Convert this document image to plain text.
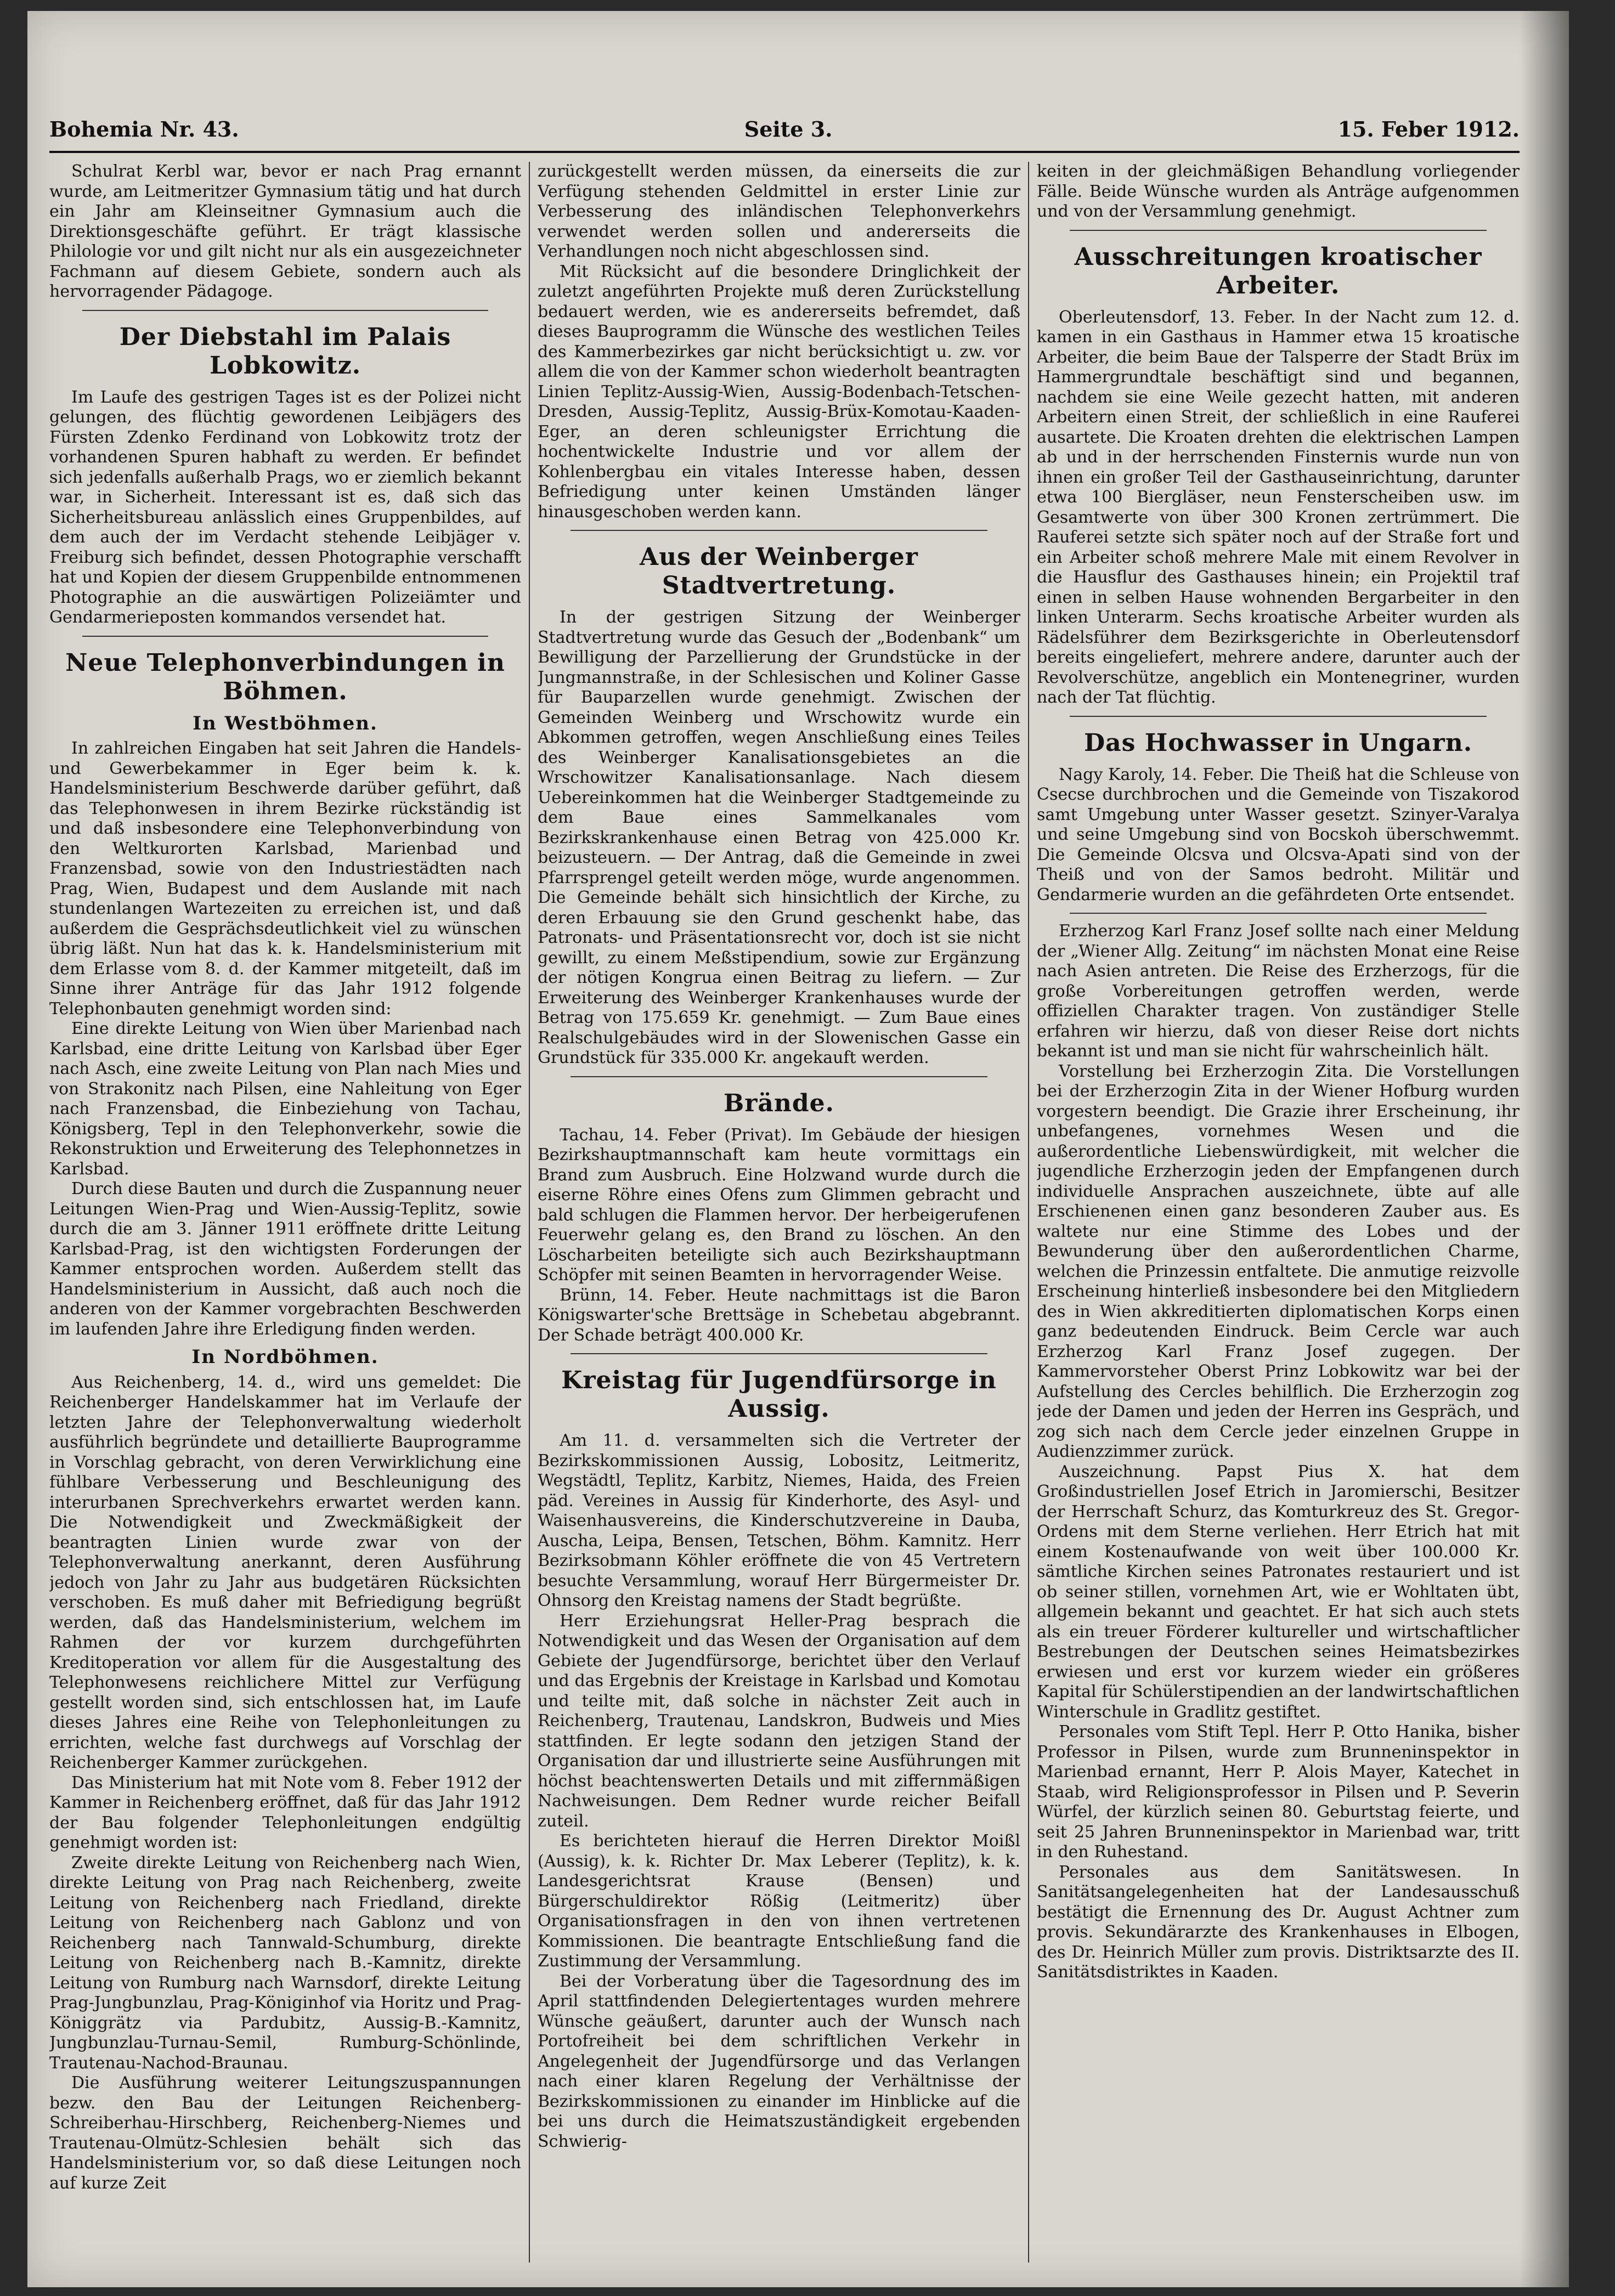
Bohemia Nr. 43.	Seite 3.	15. Feber 1912.

Schulrat Kerbl war, bevor er nach Prag ernannt wurde, am Leitmeritzer Gymnasium tätig und hat durch ein Jahr am Kleinseitner Gymnasium auch die Direktionsgeschäfte geführt. Er trägt klassische Philologie vor und gilt nicht nur als ein ausgezeichneter Fachmann auf diesem Gebiete, sondern auch als hervorragender Pädagoge.

Der Diebstahl im Palais Lobkowitz.

Im Laufe des gestrigen Tages ist es der Polizei nicht gelungen, des flüchtig gewordenen Leibjägers des Fürsten Zdenko Ferdinand von Lobkowitz trotz der vorhandenen Spuren habhaft zu werden. Er befindet sich jedenfalls außerhalb Prags, wo er ziemlich bekannt war, in Sicherheit. Interessant ist es, daß sich das Sicherheitsbureau anlässlich eines Gruppenbildes, auf dem auch der im Verdacht stehende Leibjäger v. Freiburg sich befindet, dessen Photographie verschafft hat und Kopien der diesem Gruppenbilde entnommenen Photographie an die auswärtigen Polizeiämter und Gendarmerieposten kommandos versendet hat.

Neue Telephonverbindungen in Böhmen.
In Westböhmen.

In zahlreichen Eingaben hat seit Jahren die Handels- und Gewerbekammer in Eger beim k. k. Handelsministerium Beschwerde darüber geführt, daß das Telephonwesen in ihrem Bezirke rückständig ist und daß insbesondere eine Telephonverbindung von den Weltkurorten Karlsbad, Marienbad und Franzensbad, sowie von den Industriestädten nach Prag, Wien, Budapest und dem Auslande mit nach stundenlangen Wartezeiten zu erreichen ist, und daß außerdem die Gesprächsdeutlichkeit viel zu wünschen übrig läßt. Nun hat das k. k. Handelsministerium mit dem Erlasse vom 8. d. der Kammer mitgeteilt, daß im Sinne ihrer Anträge für das Jahr 1912 folgende Telephonbauten genehmigt worden sind:

Eine direkte Leitung von Wien über Marienbad nach Karlsbad, eine dritte Leitung von Karlsbad über Eger nach Asch, eine zweite Leitung von Plan nach Mies und von Strakonitz nach Pilsen, eine Nahleitung von Eger nach Franzensbad, die Einbeziehung von Tachau, Königsberg, Tepl in den Telephonverkehr, sowie die Rekonstruktion und Erweiterung des Telephonnetzes in Karlsbad.

Durch diese Bauten und durch die Zuspannung neuer Leitungen Wien-Prag und Wien-Aussig-Teplitz, sowie durch die am 3. Jänner 1911 eröffnete dritte Leitung Karlsbad-Prag, ist den wichtigsten Forderungen der Kammer entsprochen worden. Außerdem stellt das Handelsministerium in Aussicht, daß auch noch die anderen von der Kammer vorgebrachten Beschwerden im laufenden Jahre ihre Erledigung finden werden.

In Nordböhmen.

Aus Reichenberg, 14. d., wird uns gemeldet: Die Reichenberger Handelskammer hat im Verlaufe der letzten Jahre der Telephonverwaltung wiederholt ausführlich begründete und detaillierte Bauprogramme in Vorschlag gebracht, von deren Verwirklichung eine fühlbare Verbesserung und Beschleunigung des interurbanen Sprechverkehrs erwartet werden kann. Die Notwendigkeit und Zweckmäßigkeit der beantragten Linien wurde zwar von der Telephonverwaltung anerkannt, deren Ausführung jedoch von Jahr zu Jahr aus budgetären Rücksichten verschoben. Es muß daher mit Befriedigung begrüßt werden, daß das Handelsministerium, welchem im Rahmen der vor kurzem durchgeführten Kreditoperation vor allem für die Ausgestaltung des Telephonwesens reichlichere Mittel zur Verfügung gestellt worden sind, sich entschlossen hat, im Laufe dieses Jahres eine Reihe von Telephonleitungen zu errichten, welche fast durchwegs auf Vorschlag der Reichenberger Kammer zurückgehen.

Das Ministerium hat mit Note vom 8. Feber 1912 der Kammer in Reichenberg eröffnet, daß für das Jahr 1912 der Bau folgender Telephonleitungen endgültig genehmigt worden ist:

Zweite direkte Leitung von Reichenberg nach Wien, direkte Leitung von Prag nach Reichenberg, zweite Leitung von Reichenberg nach Friedland, direkte Leitung von Reichenberg nach Gablonz und von Reichenberg nach Tannwald-Schumburg, direkte Leitung von Reichenberg nach B.-Kamnitz, direkte Leitung von Rumburg nach Warnsdorf, direkte Leitung Prag-Jungbunzlau, Prag-Königinhof via Horitz und Prag-Königgrätz via Pardubitz, Aussig-B.-Kamnitz, Jungbunzlau-Turnau-Semil, Rumburg-Schönlinde, Trautenau-Nachod-Braunau.

Die Ausführung weiterer Leitungszuspannungen bezw. den Bau der Leitungen Reichenberg-Schreiberhau-Hirschberg, Reichenberg-Niemes und Trautenau-Olmütz-Schlesien behält sich das Handelsministerium vor, so daß diese Leitungen noch auf kurze Zeit

zurückgestellt werden müssen, da einerseits die zur Verfügung stehenden Geldmittel in erster Linie zur Verbesserung des inländischen Telephonverkehrs verwendet werden sollen und andererseits die Verhandlungen noch nicht abgeschlossen sind.

Mit Rücksicht auf die besondere Dringlichkeit der zuletzt angeführten Projekte muß deren Zurückstellung bedauert werden, wie es andererseits befremdet, daß dieses Bauprogramm die Wünsche des westlichen Teiles des Kammerbezirkes gar nicht berücksichtigt u. zw. vor allem die von der Kammer schon wiederholt beantragten Linien Teplitz-Aussig-Wien, Aussig-Bodenbach-Tetschen-Dresden, Aussig-Teplitz, Aussig-Brüx-Komotau-Kaaden-Eger, an deren schleunigster Errichtung die hochentwickelte Industrie und vor allem der Kohlenbergbau ein vitales Interesse haben, dessen Befriedigung unter keinen Umständen länger hinausgeschoben werden kann.

Aus der Weinberger Stadtvertretung.

In der gestrigen Sitzung der Weinberger Stadtvertretung wurde das Gesuch der „Bodenbank“ um Bewilligung der Parzellierung der Grundstücke in der Jungmannstraße, in der Schlesischen und Koliner Gasse für Bauparzellen wurde genehmigt. Zwischen der Gemeinden Weinberg und Wrschowitz wurde ein Abkommen getroffen, wegen Anschließung eines Teiles des Weinberger Kanalisationsgebietes an die Wrschowitzer Kanalisationsanlage. Nach diesem Uebereinkommen hat die Weinberger Stadtgemeinde zu dem Baue eines Sammelkanales vom Bezirkskrankenhause einen Betrag von 425.000 Kr. beizusteuern. — Der Antrag, daß die Gemeinde in zwei Pfarrsprengel geteilt werden möge, wurde angenommen. Die Gemeinde behält sich hinsichtlich der Kirche, zu deren Erbauung sie den Grund geschenkt habe, das Patronats- und Präsentationsrecht vor, doch ist sie nicht gewillt, zu einem Meßstipendium, sowie zur Ergänzung der nötigen Kongrua einen Beitrag zu liefern. — Zur Erweiterung des Weinberger Krankenhauses wurde der Betrag von 175.659 Kr. genehmigt. — Zum Baue eines Realschulgebäudes wird in der Slowenischen Gasse ein Grundstück für 335.000 Kr. angekauft werden.

Brände.

Tachau, 14. Feber (Privat). Im Gebäude der hiesigen Bezirkshauptmannschaft kam heute vormittags ein Brand zum Ausbruch. Eine Holzwand wurde durch die eiserne Röhre eines Ofens zum Glimmen gebracht und bald schlugen die Flammen hervor. Der herbeigerufenen Feuerwehr gelang es, den Brand zu löschen. An den Löscharbeiten beteiligte sich auch Bezirkshauptmann Schöpfer mit seinen Beamten in hervorragender Weise.

Brünn, 14. Feber. Heute nachmittags ist die Baron Königswarter'sche Brettsäge in Schebetau abgebrannt. Der Schade beträgt 400.000 Kr.

Kreistag für Jugendfürsorge in Aussig.

Am 11. d. versammelten sich die Vertreter der Bezirkskommissionen Aussig, Lobositz, Leitmeritz, Wegstädtl, Teplitz, Karbitz, Niemes, Haida, des Freien päd. Vereines in Aussig für Kinderhorte, des Asyl- und Waisenhausvereins, die Kinderschutzvereine in Dauba, Auscha, Leipa, Bensen, Tetschen, Böhm. Kamnitz. Herr Bezirksobmann Köhler eröffnete die von 45 Vertretern besuchte Versammlung, worauf Herr Bürgermeister Dr. Ohnsorg den Kreistag namens der Stadt begrüßte.

Herr Erziehungsrat Heller-Prag besprach die Notwendigkeit und das Wesen der Organisation auf dem Gebiete der Jugendfürsorge, berichtet über den Verlauf und das Ergebnis der Kreistage in Karlsbad und Komotau und teilte mit, daß solche in nächster Zeit auch in Reichenberg, Trautenau, Landskron, Budweis und Mies stattfinden. Er legte sodann den jetzigen Stand der Organisation dar und illustrierte seine Ausführungen mit höchst beachtenswerten Details und mit ziffernmäßigen Nachweisungen. Dem Redner wurde reicher Beifall zuteil.

Es berichteten hierauf die Herren Direktor Moißl (Aussig), k. k. Richter Dr. Max Leberer (Teplitz), k. k. Landesgerichtsrat Krause (Bensen) und Bürgerschuldirektor Rößig (Leitmeritz) über Organisationsfragen in den von ihnen vertretenen Kommissionen. Die beantragte Entschließung fand die Zustimmung der Versammlung.

Bei der Vorberatung über die Tagesordnung des im April stattfindenden Delegiertentages wurden mehrere Wünsche geäußert, darunter auch der Wunsch nach Portofreiheit bei dem schriftlichen Verkehr in Angelegenheit der Jugendfürsorge und das Verlangen nach einer klaren Regelung der Verhältnisse der Bezirkskommissionen zu einander im Hinblicke auf die bei uns durch die Heimatszuständigkeit ergebenden Schwierig-

keiten in der gleichmäßigen Behandlung vorliegender Fälle. Beide Wünsche wurden als Anträge aufgenommen und von der Versammlung genehmigt.

Ausschreitungen kroatischer Arbeiter.

Oberleutensdorf, 13. Feber. In der Nacht zum 12. d. kamen in ein Gasthaus in Hammer etwa 15 kroatische Arbeiter, die beim Baue der Talsperre der Stadt Brüx im Hammergrundtale beschäftigt sind und begannen, nachdem sie eine Weile gezecht hatten, mit anderen Arbeitern einen Streit, der schließlich in eine Rauferei ausartete. Die Kroaten drehten die elektrischen Lampen ab und in der herrschenden Finsternis wurde nun von ihnen ein großer Teil der Gasthauseinrichtung, darunter etwa 100 Biergläser, neun Fensterscheiben usw. im Gesamtwerte von über 300 Kronen zertrümmert. Die Rauferei setzte sich später noch auf der Straße fort und ein Arbeiter schoß mehrere Male mit einem Revolver in die Hausflur des Gasthauses hinein; ein Projektil traf einen in selben Hause wohnenden Bergarbeiter in den linken Unterarm. Sechs kroatische Arbeiter wurden als Rädelsführer dem Bezirksgerichte in Oberleutensdorf bereits eingeliefert, mehrere andere, darunter auch der Revolverschütze, angeblich ein Montenegriner, wurden nach der Tat flüchtig.

Das Hochwasser in Ungarn.

Nagy Karoly, 14. Feber. Die Theiß hat die Schleuse von Csecse durchbrochen und die Gemeinde von Tiszakorod samt Umgebung unter Wasser gesetzt. Szinyer-Varalya und seine Umgebung sind von Bocskoh überschwemmt. Die Gemeinde Olcsva und Olcsva-Apati sind von der Theiß und von der Samos bedroht. Militär und Gendarmerie wurden an die gefährdeten Orte entsendet.

Erzherzog Karl Franz Josef sollte nach einer Meldung der „Wiener Allg. Zeitung“ im nächsten Monat eine Reise nach Asien antreten. Die Reise des Erzherzogs, für die große Vorbereitungen getroffen werden, werde offiziellen Charakter tragen. Von zuständiger Stelle erfahren wir hierzu, daß von dieser Reise dort nichts bekannt ist und man sie nicht für wahrscheinlich hält.

Vorstellung bei Erzherzogin Zita. Die Vorstellungen bei der Erzherzogin Zita in der Wiener Hofburg wurden vorgestern beendigt. Die Grazie ihrer Erscheinung, ihr unbefangenes, vornehmes Wesen und die außerordentliche Liebenswürdigkeit, mit welcher die jugendliche Erzherzogin jeden der Empfangenen durch individuelle Ansprachen auszeichnete, übte auf alle Erschienenen einen ganz besonderen Zauber aus. Es waltete nur eine Stimme des Lobes und der Bewunderung über den außerordentlichen Charme, welchen die Prinzessin entfaltete. Die anmutige reizvolle Erscheinung hinterließ insbesondere bei den Mitgliedern des in Wien akkreditierten diplomatischen Korps einen ganz bedeutenden Eindruck. Beim Cercle war auch Erzherzog Karl Franz Josef zugegen. Der Kammervorsteher Oberst Prinz Lobkowitz war bei der Aufstellung des Cercles behilflich. Die Erzherzogin zog jede der Damen und jeden der Herren ins Gespräch, und zog sich nach dem Cercle jeder einzelnen Gruppe in Audienzzimmer zurück.

Auszeichnung. Papst Pius X. hat dem Großindustriellen Josef Etrich in Jaromierschi, Besitzer der Herrschaft Schurz, das Komturkreuz des St. Gregor-Ordens mit dem Sterne verliehen. Herr Etrich hat mit einem Kostenaufwande von weit über 100.000 Kr. sämtliche Kirchen seines Patronates restauriert und ist ob seiner stillen, vornehmen Art, wie er Wohltaten übt, allgemein bekannt und geachtet. Er hat sich auch stets als ein treuer Förderer kultureller und wirtschaftlicher Bestrebungen der Deutschen seines Heimatsbezirkes erwiesen und erst vor kurzem wieder ein größeres Kapital für Schülerstipendien an der landwirtschaftlichen Winterschule in Gradlitz gestiftet.

Personales vom Stift Tepl. Herr P. Otto Hanika, bisher Professor in Pilsen, wurde zum Brunneninspektor in Marienbad ernannt, Herr P. Alois Mayer, Katechet in Staab, wird Religionsprofessor in Pilsen und P. Severin Würfel, der kürzlich seinen 80. Geburtstag feierte, und seit 25 Jahren Brunneninspektor in Marienbad war, tritt in den Ruhestand.

Personales aus dem Sanitätswesen. In Sanitätsangelegenheiten hat der Landesausschuß bestätigt die Ernennung des Dr. August Achtner zum provis. Sekundärarzte des Krankenhauses in Elbogen, des Dr. Heinrich Müller zum provis. Distriktsarzte des II. Sanitätsdistriktes in Kaaden.
